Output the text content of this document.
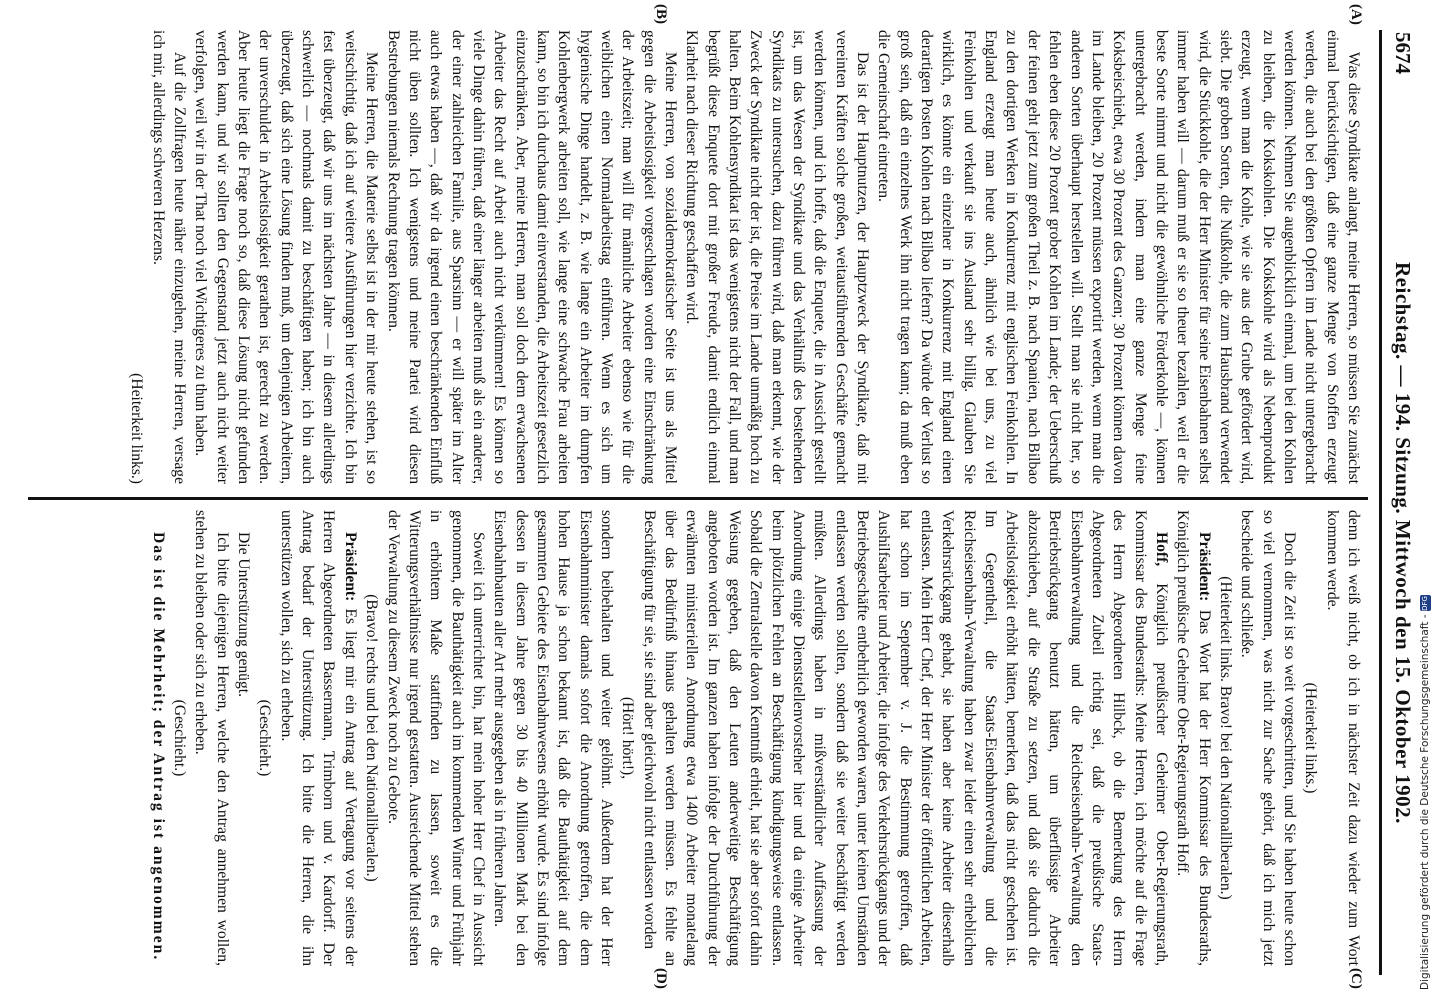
5674
Reichstag. — 194. Sitzung. Mittwoch den 15. Oktober 1902.
(A)
(B)
(C)
(D)

Was diese Syndikate anlangt, meine Herren, so müssen Sie zunächst einmal berücksichtigen, daß eine ganze Menge von Stoffen erzeugt werden, die auch bei den größten Opfern im Lande nicht untergebracht werden können. Nehmen Sie augenblicklich einmal, um bei den Kohlen zu bleiben, die Kokskohlen. Die Kokskohle wird als Nebenprodukt erzeugt, wenn man die Kohle, wie sie aus der Grube gefördert wird, siebt. Die groben Sorten, die Nußkohle, die zum Hausbrand verwendet wird, die Stückkohle, die der Herr Minister für seine Eisenbahnen selbst immer haben will — darum muß er sie so theuer bezahlen, weil er die beste Sorte nimmt und nicht die gewöhnliche Förderkohle —, können untergebracht werden, indem man eine ganze Menge feine Koksbeischiebt, etwa 30 Prozent des Ganzen; 30 Prozent können davon im Lande bleiben, 20 Prozent müssen exportirt werden, wenn man die anderen Sorten überhaupt herstellen will. Stellt man sie nicht her, so fehlen eben diese 20 Prozent grober Kohlen im Lande; der Ueberschuß der feinen geht jetzt zum großen Theil z. B. nach Spanien, nach Bilbao zu den dortigen Werken in Konkurrenz mit englischen Feinkohlen. In England erzeugt man heute auch, ähnlich wie bei uns, zu viel Feinkohlen und verkauft sie ins Ausland sehr billig. Glauben Sie wirklich, es könnte ein einzelner in Konkurrenz mit England einen derartigen Posten Kohlen nach Bilbao liefern? Da würde der Verlust so groß sein, daß ein einzelnes Werk ihn nicht tragen kann; da muß eben die Gemeinschaft eintreten.

Das ist der Hauptnutzen, der Hauptzweck der Syndikate, daß mit vereinten Kräften solche großen, weitausführenden Geschäfte gemacht werden können, und ich hoffe, daß die Enquete, die in Aussicht gestellt ist, um das Wesen der Syndikate und das Verhältniß des bestehenden Syndikats zu untersuchen, dazu führen wird, daß man erkennt, wie der Zweck der Syndikate nicht der ist, die Preise im Lande unmäßig hoch zu halten. Beim Kohlensyndikat ist das wenigstens nicht der Fall, und man begrüßt diese Enquete dort mit großer Freude, damit endlich einmal Klarheit nach dieser Richtung geschaffen wird.

Meine Herren, von sozialdemokratischer Seite ist uns als Mittel gegen die Arbeitslosigkeit vorgeschlagen worden eine Einschränkung der Arbeitszeit; man will für männliche Arbeiter ebenso wie für die weiblichen einen Normalarbeitstag einführen. Wenn es sich um hygienische Dinge handelt, z. B. wie lange ein Arbeiter im dumpfen Kohlenbergwerk arbeiten soll, wie lange eine schwache Frau arbeiten kann, so bin ich durchaus damit einverstanden, die Arbeitszeit gesetzlich einzuschränken. Aber, meine Herren, man soll doch dem erwachsenen Arbeiter das Recht auf Arbeit auch nicht verkümmern! Es können so viele Dinge dahin führen, daß einer länger arbeiten muß als ein anderer, der einer zahlreichen Familie, aus Sparsinn — er will später im Alter auch etwas haben —, daß wir da irgend einen beschränkenden Einfluß nicht üben sollten. Ich wenigstens und meine Partei wird diesen Bestrebungen niemals Rechnung tragen können.

Meine Herren, die Materie selbst ist in der mir heute stehen, ist so weitschichtig, daß ich auf weitere Ausführungen hier verzichte. Ich bin fest überzeugt, daß wir uns im nächsten Jahre — in diesem allerdings schwerlich — nochmals damit zu beschäftigen haben; ich bin auch überzeugt, daß sich eine Lösung finden muß, um denjenigen Arbeitern, der unverschuldet in Arbeitslosigkeit gerathen ist, gerecht zu werden. Aber heute liegt die Frage noch so, daß diese Lösung nicht gefunden werden kann, und wir sollten den Gegenstand jetzt auch nicht weiter verfolgen, weil wir in der That noch viel Wichtigeres zu thun haben.

Auf die Zollfragen heute näher einzugehen, meine Herren, versage ich mir, allerdings schweren Herzens.

(Heiterkeit links.)

denn ich weiß nicht, ob ich in nächster Zeit dazu wieder zum Wort kommen werde.

(Heiterkeit links.)

Doch die Zeit ist so weit vorgeschritten, und Sie haben heute schon so viel vernommen, was nicht zur Sache gehört, daß ich mich jetzt bescheide und schließe.

(Heiterkeit links. Bravo! bei den Nationalliberalen.)

Präsident: Das Wort hat der Herr Kommissar des Bundesraths, Königlich preußische Geheime Ober-Regierungsrath Hoff.

Hoff, Königlich preußischer Geheimer Ober-Regierungsrath, Kommissar des Bundesraths: Meine Herren, ich möchte auf die Frage des Herrn Abgeordneten Hilbck, ob die Bemerkung des Herrn Abgeordneten Zubeil richtig sei, daß die preußische Staats-Eisenbahnverwaltung und die Reichseisenbahn-Verwaltung den Betriebsrückgang benutzt hätten, um überflüssige Arbeiter abzuschieben, auf die Straße zu setzen, und daß sie dadurch die Arbeitslosigkeit erhöht hätten, bemerken, daß das nicht geschehen ist. Im Gegentheil, die Staats-Eisenbahnverwaltung und die Reichseisenbahn-Verwaltung haben zwar leider einen sehr erheblichen Verkehrsrückgang gehabt, sie haben aber keine Arbeiter dieserhalb entlassen. Mein Herr Chef, der Herr Minister der öffentlichen Arbeiten, hat schon im September v. J. die Bestimmung getroffen, daß Aushilfsarbeiter und Arbeiter, die infolge des Verkehrsrückgangs und der Betriebsgeschäfte entbehrlich geworden waren, unter keinen Umständen entlassen werden sollten, sondern daß sie weiter beschäftigt werden müßten. Allerdings haben in mißverständlicher Auffassung der Anordnung einige Dienststellenvorsteher hier und da einige Arbeiter beim plötzlichen Fehlen an Beschäftigung kündigungsweise entlassen. Sobald die Zentralstelle davon Kenntniß erhielt, hat sie aber sofort dahin Weisung gegeben, daß den Leuten anderweitige Beschäftigung angeboten worden ist. Im ganzen haben infolge der Durchführung der erwähnten ministeriellen Anordnung etwa 1400 Arbeiter monatelang über das Bedürfniß hinaus gehalten werden müssen. Es fehlte an Beschäftigung für sie, sie sind aber gleichwohl nicht entlassen worden

(Hört! hört!),

sondern beibehalten und weiter gelöhnt. Außerdem hat der Herr Eisenbahnminister damals sofort die Anordnung getroffen, die dem hohen Hause ja schon bekannt ist, daß die Bauthätigkeit auf dem gesammten Gebiete des Eisenbahnwesens erhöht wurde. Es sind infolge dessen in diesem Jahre gegen 30 bis 40 Millionen Mark bei den Eisenbahnbauten aller Art mehr ausgegeben als in früheren Jahren.

Soweit ich unterrichtet bin, hat mein hoher Herr Chef in Aussicht genommen, die Bauthätigkeit auch im kommenden Winter und Frühjahr in erhöhtem Maße stattfinden zu lassen, soweit es die Witterungsverhältnisse nur irgend gestatten. Ausreichende Mittel stehen der Verwaltung zu diesem Zweck noch zu Gebote.

(Bravo! rechts und bei den Nationalliberalen.)

Präsident: Es liegt mir ein Antrag auf Vertagung vor seitens der Herren Abgeordneten Bassermann, Trimborn und v. Kardorff. Der Antrag bedarf der Unterstützung. Ich bitte die Herren, die ihn unterstützen wollen, sich zu erheben.

(Geschieht.)

Die Unterstützung genügt.

Ich bitte diejenigen Herren, welche den Antrag annehmen wollen, stehen zu bleiben oder sich zu erheben.

(Geschieht.)

Das ist die Mehrheit; der Antrag ist angenommen.	Digitalisierung gefördert durch die Deutsche Forschungsgemeinschaft -DFG
